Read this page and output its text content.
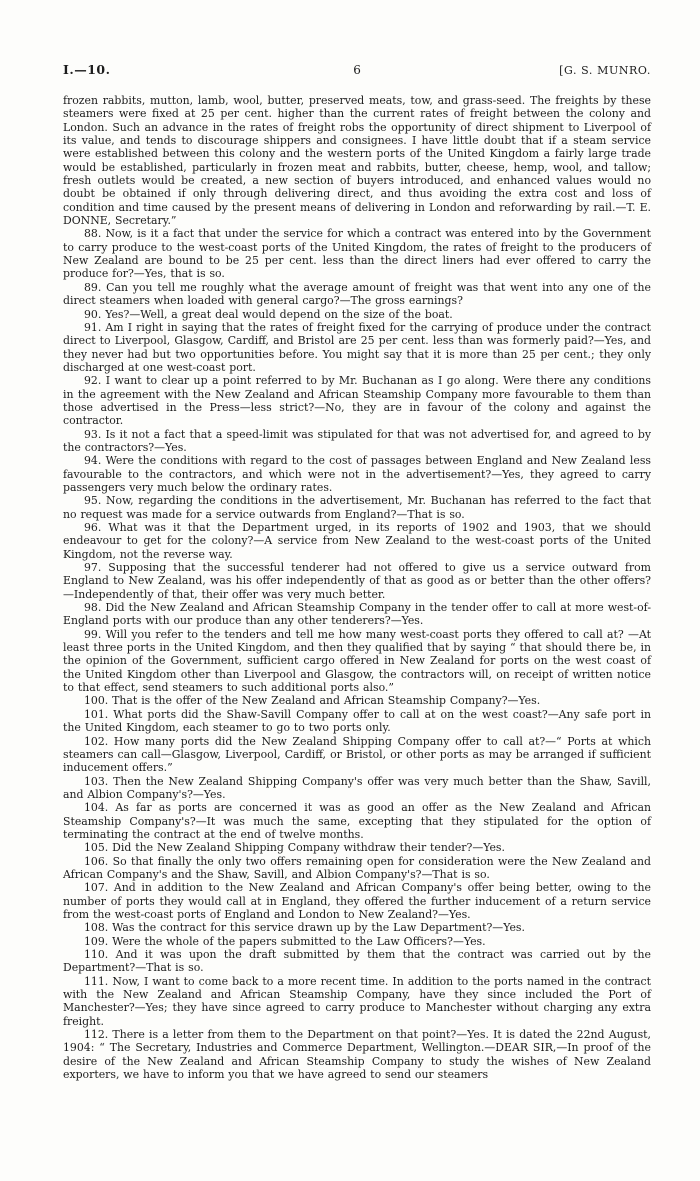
I.—10.	6	[G. S. MUNRO.

frozen rabbits, mutton, lamb, wool, butter, preserved meats, tow, and grass-seed. The freights by these steamers were fixed at 25 per cent. higher than the current rates of freight between the colony and London. Such an advance in the rates of freight robs the opportunity of direct shipment to Liverpool of its value, and tends to discourage shippers and consignees. I have little doubt that if a steam service were established between this colony and the western ports of the United Kingdom a fairly large trade would be established, particularly in frozen meat and rabbits, butter, cheese, hemp, wool, and tallow; fresh outlets would be created, a new section of buyers introduced, and enhanced values would no doubt be obtained if only through delivering direct, and thus avoiding the extra cost and loss of condition and time caused by the present means of delivering in London and reforwarding by rail.—T. E. DONNE, Secretary.”

88. Now, is it a fact that under the service for which a contract was entered into by the Government to carry produce to the west-coast ports of the United Kingdom, the rates of freight to the producers of New Zealand are bound to be 25 per cent. less than the direct liners had ever offered to carry the produce for?—Yes, that is so.

89. Can you tell me roughly what the average amount of freight was that went into any one of the direct steamers when loaded with general cargo?—The gross earnings?

90. Yes?—Well, a great deal would depend on the size of the boat.

91. Am I right in saying that the rates of freight fixed for the carrying of produce under the contract direct to Liverpool, Glasgow, Cardiff, and Bristol are 25 per cent. less than was formerly paid?—Yes, and they never had but two opportunities before. You might say that it is more than 25 per cent.; they only discharged at one west-coast port.

92. I want to clear up a point referred to by Mr. Buchanan as I go along. Were there any conditions in the agreement with the New Zealand and African Steamship Company more favourable to them than those advertised in the Press—less strict?—No, they are in favour of the colony and against the contractor.

93. Is it not a fact that a speed-limit was stipulated for that was not advertised for, and agreed to by the contractors?—Yes.

94. Were the conditions with regard to the cost of passages between England and New Zealand less favourable to the contractors, and which were not in the advertisement?—Yes, they agreed to carry passengers very much below the ordinary rates.

95. Now, regarding the conditions in the advertisement, Mr. Buchanan has referred to the fact that no request was made for a service outwards from England?—That is so.

96. What was it that the Department urged, in its reports of 1902 and 1903, that we should endeavour to get for the colony?—A service from New Zealand to the west-coast ports of the United Kingdom, not the reverse way.

97. Supposing that the successful tenderer had not offered to give us a service outward from England to New Zealand, was his offer independently of that as good as or better than the other offers?—Independently of that, their offer was very much better.

98. Did the New Zealand and African Steamship Company in the tender offer to call at more west-of-England ports with our produce than any other tenderers?—Yes.

99. Will you refer to the tenders and tell me how many west-coast ports they offered to call at? —At least three ports in the United Kingdom, and then they qualified that by saying “ that should there be, in the opinion of the Government, sufficient cargo offered in New Zealand for ports on the west coast of the United Kingdom other than Liverpool and Glasgow, the contractors will, on receipt of written notice to that effect, send steamers to such additional ports also.”

100. That is the offer of the New Zealand and African Steamship Company?—Yes.

101. What ports did the Shaw-Savill Company offer to call at on the west coast?—Any safe port in the United Kingdom, each steamer to go to two ports only.

102. How many ports did the New Zealand Shipping Company offer to call at?—“ Ports at which steamers can call—Glasgow, Liverpool, Cardiff, or Bristol, or other ports as may be arranged if sufficient inducement offers.”

103. Then the New Zealand Shipping Company's offer was very much better than the Shaw, Savill, and Albion Company's?—Yes.

104. As far as ports are concerned it was as good an offer as the New Zealand and African Steamship Company's?—It was much the same, excepting that they stipulated for the option of terminating the contract at the end of twelve months.

105. Did the New Zealand Shipping Company withdraw their tender?—Yes.

106. So that finally the only two offers remaining open for consideration were the New Zealand and African Company's and the Shaw, Savill, and Albion Company's?—That is so.

107. And in addition to the New Zealand and African Company's offer being better, owing to the number of ports they would call at in England, they offered the further inducement of a return service from the west-coast ports of England and London to New Zealand?—Yes.

108. Was the contract for this service drawn up by the Law Department?—Yes.

109. Were the whole of the papers submitted to the Law Officers?—Yes.

110. And it was upon the draft submitted by them that the contract was carried out by the Department?—That is so.

111. Now, I want to come back to a more recent time. In addition to the ports named in the contract with the New Zealand and African Steamship Company, have they since included the Port of Manchester?—Yes; they have since agreed to carry produce to Manchester without charging any extra freight.

112. There is a letter from them to the Department on that point?—Yes. It is dated the 22nd August, 1904: “ The Secretary, Industries and Commerce Department, Wellington.—DEAR SIR,—In proof of the desire of the New Zealand and African Steamship Company to study the wishes of New Zealand exporters, we have to inform you that we have agreed to send our steamers
